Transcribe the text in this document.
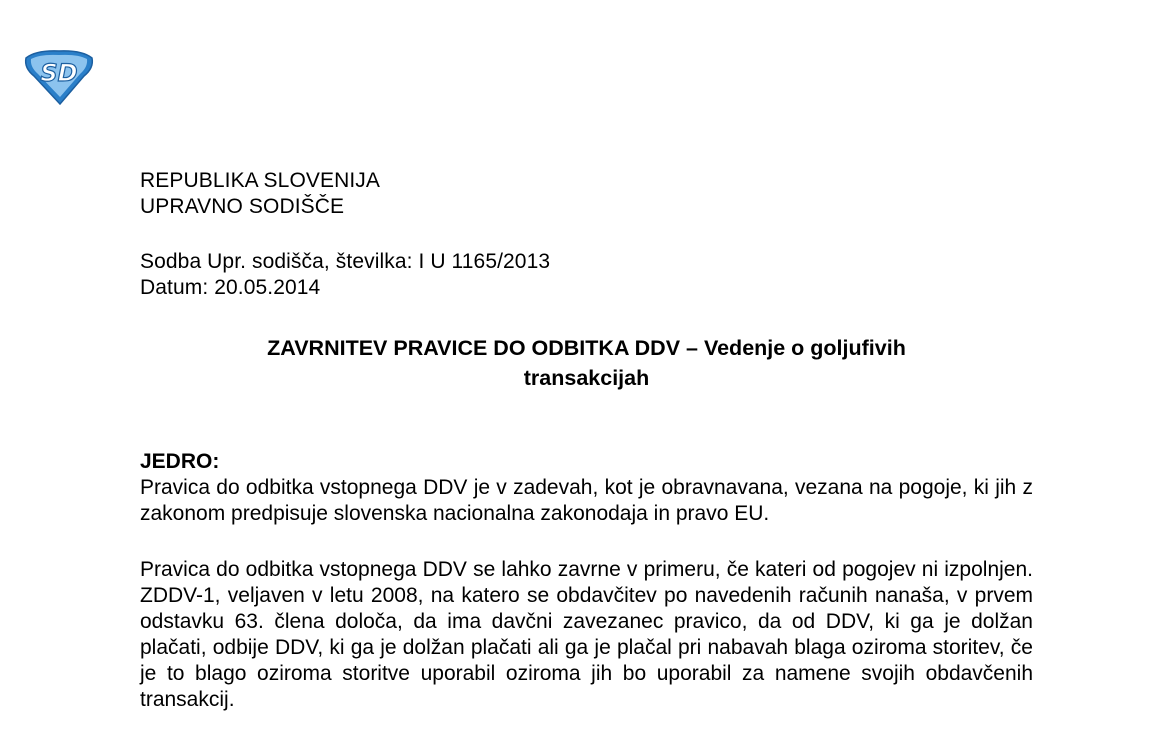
SD
REPUBLIKA SLOVENIJA
UPRAVNO SODIŠČE
Sodba Upr. sodišča, številka: I U 1165/2013
Datum: 20.05.2014
ZAVRNITEV PRAVICE DO ODBITKA DDV – Vedenje o goljufivih
transakcijah
JEDRO:
Pravica do odbitka vstopnega DDV je v zadevah, kot je obravnavana, vezana na pogoje, ki jih z zakonom predpisuje slovenska nacionalna zakonodaja in pravo EU.
Pravica do odbitka vstopnega DDV se lahko zavrne v primeru, če kateri od pogojev ni izpolnjen. ZDDV-1, veljaven v letu 2008, na katero se obdavčitev po navedenih računih nanaša, v prvem odstavku 63. člena določa, da ima davčni zavezanec pravico, da od DDV, ki ga je dolžan plačati, odbije DDV, ki ga je dolžan plačati ali ga je plačal pri nabavah blaga oziroma storitev, če je to blago oziroma storitve uporabil oziroma jih bo uporabil za namene svojih obdavčenih transakcij.
